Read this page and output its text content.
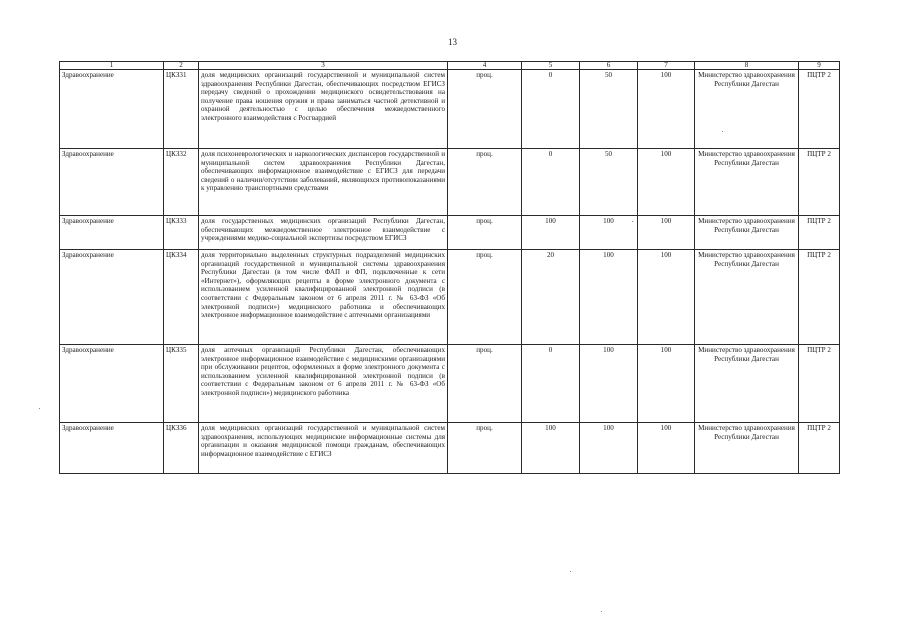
13
1	2	3	4	5	6	7	8	9
Здравоохранение	ЦКЗ31	доля медицинских организаций государственной и муниципальной систем здравоохранения Республики Дагестан, обеспечивающих посредством ЕГИСЗ передачу сведений о прохождении медицинского освидетельствования на получение права ношения оружия и права заниматься частной детективной и охранной деятельностью с целью обеспечения межведомственного электронного взаимодействия с Росгвардией	проц.	0	50	100	Министерство здравоохранения Республики Дагестан	ПЦТР 2
Здравоохранение	ЦКЗ32	доля психоневрологических и наркологических диспансеров государственной и муниципальной систем здравоохранения Республики Дагестан, обеспечивающих информационное взаимодействие с ЕГИСЗ для передачи сведений о наличии/отсутствии заболеваний, являющихся противопоказаниями к управлению транспортными средствами	проц.	0	50	100	Министерство здравоохранения Республики Дагестан	ПЦТР 2
Здравоохранение	ЦКЗ33	доля государственных медицинских организаций Республики Дагестан, обеспечивающих межведомственное электронное взаимодействие с учреждениями медико-социальной экспертизы посредством ЕГИСЗ	проц.	100	100	100	Министерство здравоохранения Республики Дагестан	ПЦТР 2
Здравоохранение	ЦКЗ34	доля территориально выделенных структурных подразделений медицинских организаций государственной и муниципальной системы здравоохранения Республики Дагестан (в том числе ФАП и ФП, подключенные к сети «Интернет»), оформляющих рецепты в форме электронного документа с использованием усиленной квалифицированной электронной подписи (в соответствии с Федеральным законом от 6 апреля 2011 г. № 63-ФЗ «Об электронной подписи») медицинского работника и обеспечивающих электронное информационное взаимодействие с аптечными организациями	проц.	20	100	100	Министерство здравоохранения Республики Дагестан	ПЦТР 2
Здравоохранение	ЦКЗ35	доля аптечных организаций Республики Дагестан, обеспечивающих электронное информационное взаимодействие с медицинскими организациями при обслуживании рецептов, оформленных в форме электронного документа с использованием усиленной квалифицированной электронной подписи (в соответствии с Федеральным законом от 6 апреля 2011 г. № 63-ФЗ «Об электронной подписи») медицинского работника	проц.	0	100	100	Министерство здравоохранения Республики Дагестан	ПЦТР 2
Здравоохранение	ЦКЗ36	доля медицинских организаций государственной и муниципальной систем здравоохранения, использующих медицинские информационные системы для организации и оказания медицинской помощи гражданам, обеспечивающих информационное взаимодействие с ЕГИСЗ	проц.	100	100	100	Министерство здравоохранения Республики Дагестан	ПЦТР 2
